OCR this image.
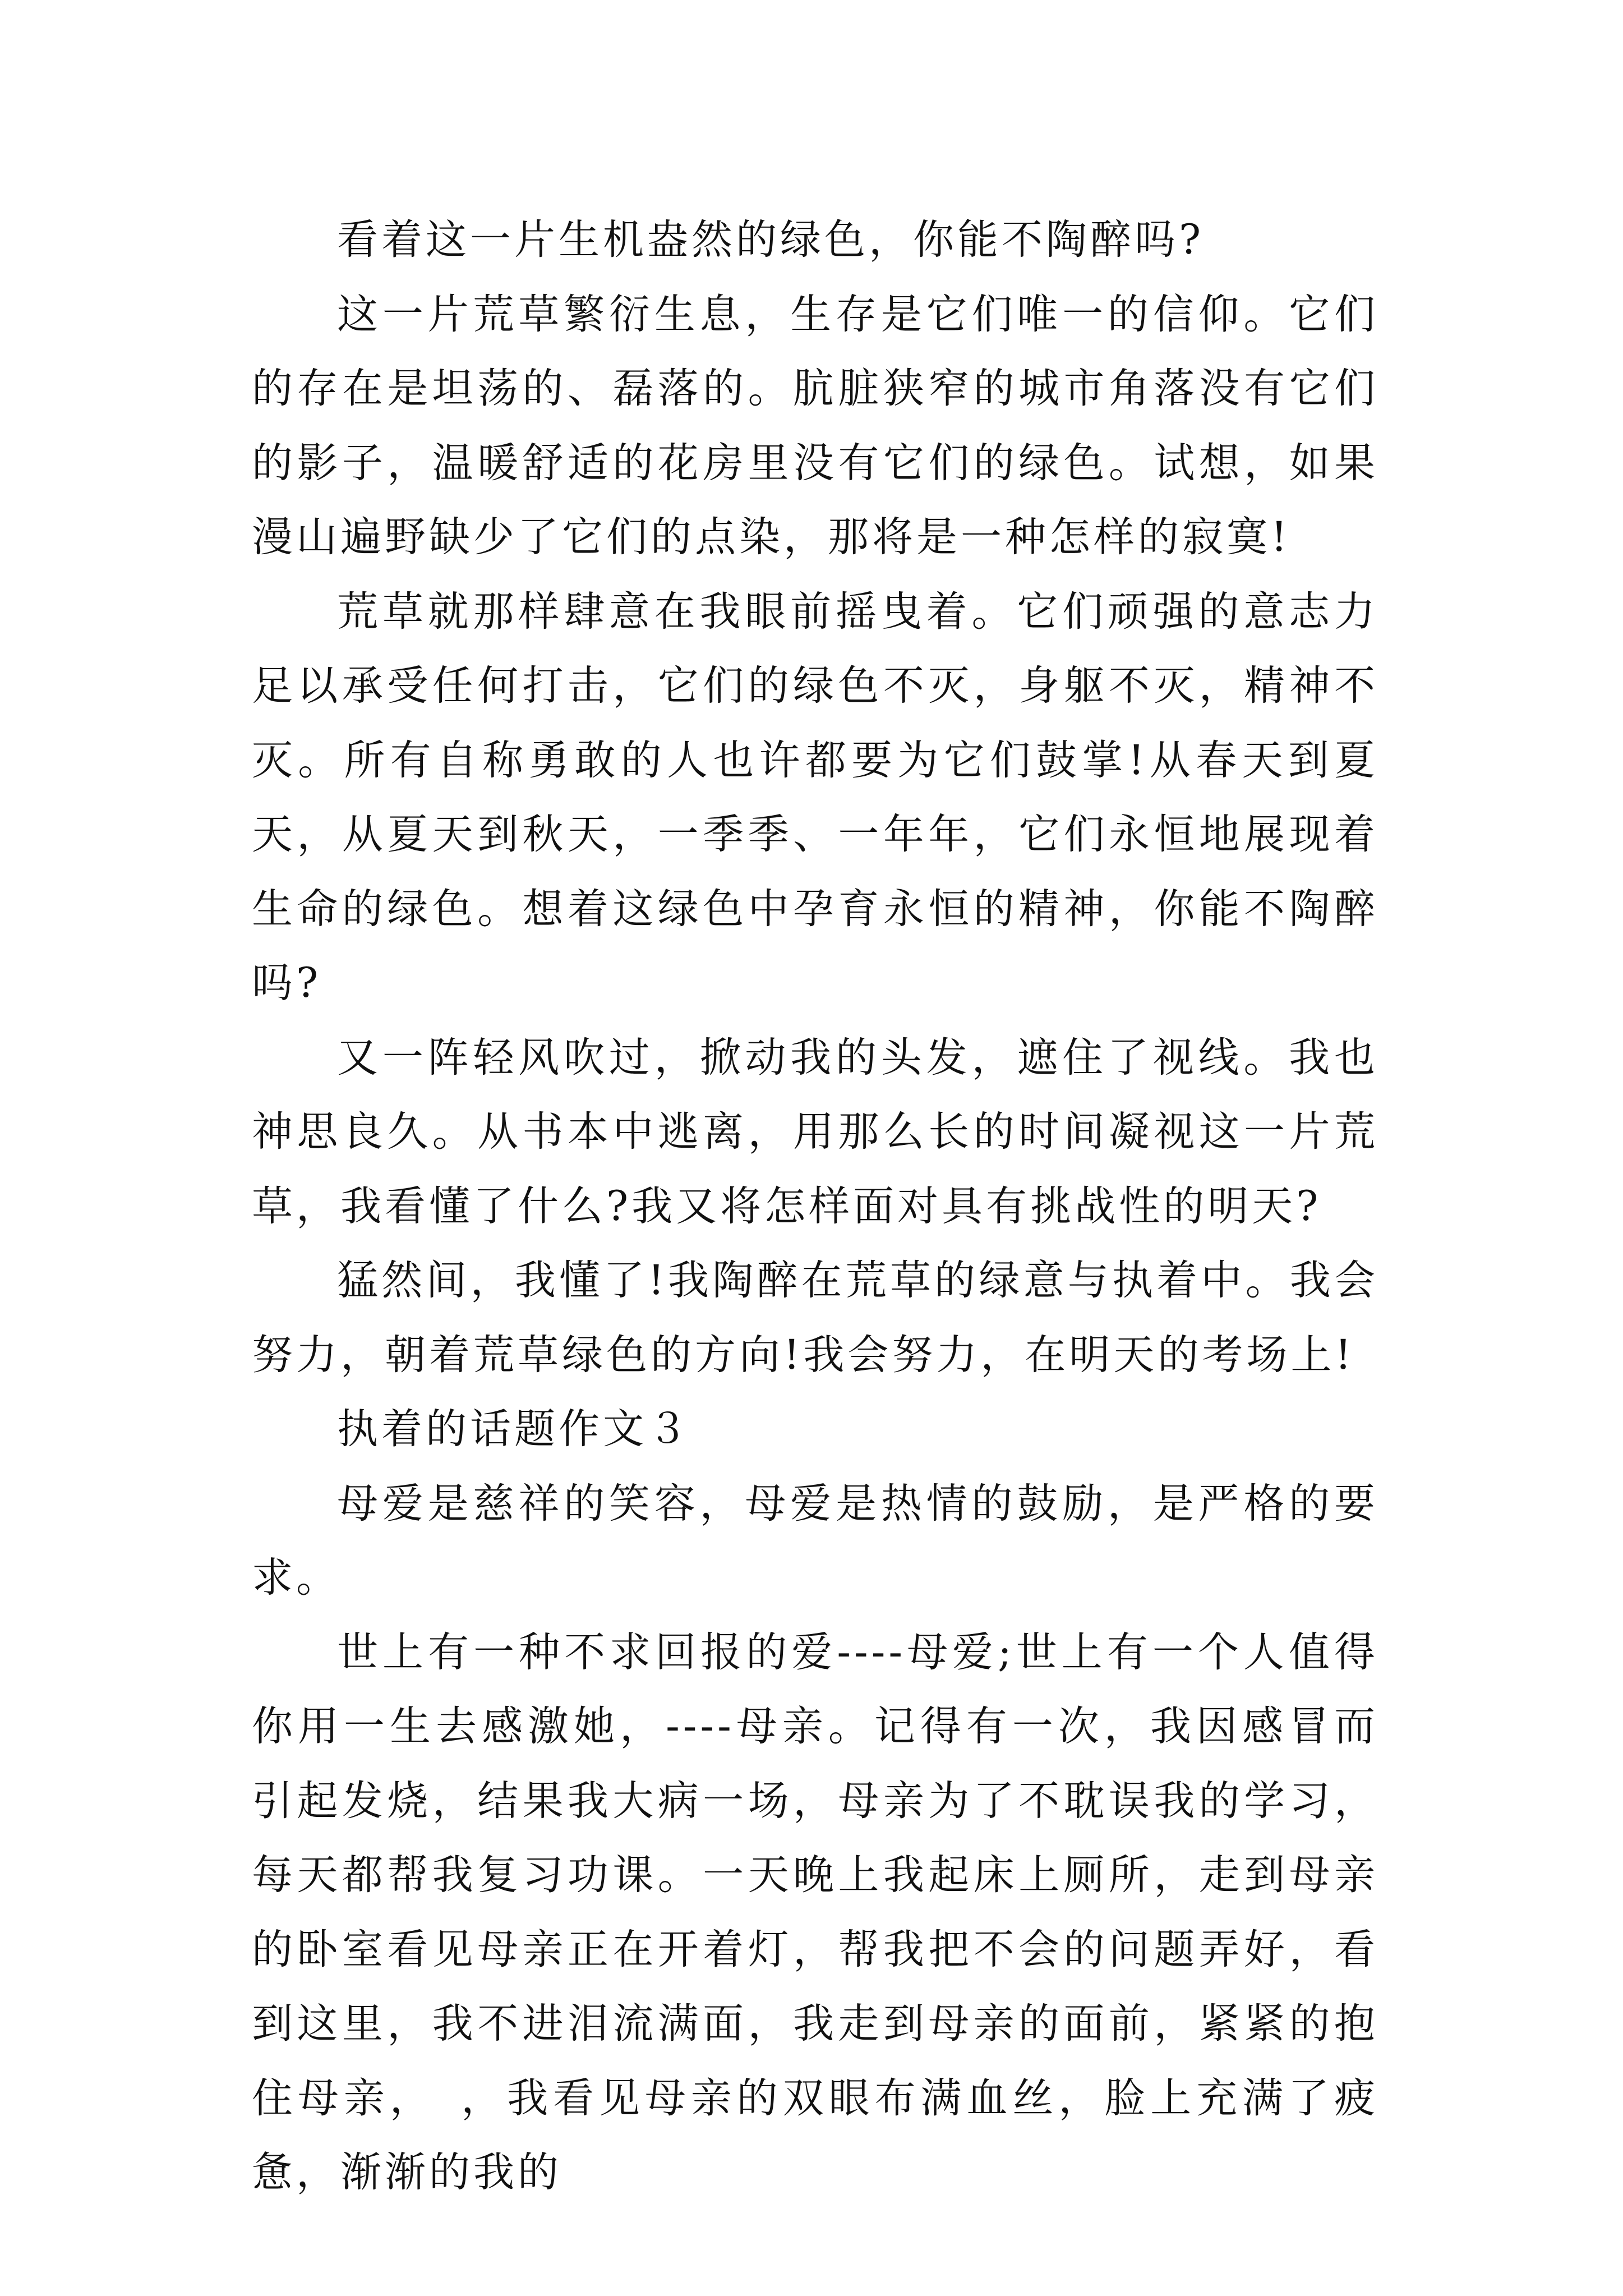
看着这一片生机盎然的绿色，你能不陶醉吗?

这一片荒草繁衍生息，生存是它们唯一的信仰。它们的存在是坦荡的、磊落的。肮脏狭窄的城市角落没有它们的影子，温暖舒适的花房里没有它们的绿色。试想，如果漫山遍野缺少了它们的点染，那将是一种怎样的寂寞!

荒草就那样肆意在我眼前摇曳着。它们顽强的意志力足以承受任何打击，它们的绿色不灭，身躯不灭，精神不灭。所有自称勇敢的人也许都要为它们鼓掌!从春天到夏天，从夏天到秋天，一季季、一年年，它们永恒地展现着生命的绿色。想着这绿色中孕育永恒的精神，你能不陶醉吗?

又一阵轻风吹过，掀动我的头发，遮住了视线。我也神思良久。从书本中逃离，用那么长的时间凝视这一片荒草，我看懂了什么?我又将怎样面对具有挑战性的明天?

猛然间，我懂了!我陶醉在荒草的绿意与执着中。我会努力，朝着荒草绿色的方向!我会努力，在明天的考场上!

执着的话题作文３

母爱是慈祥的笑容，母爱是热情的鼓励，是严格的要求。

世上有一种不求回报的爱----母爱;世上有一个人值得你用一生去感激她，----母亲。记得有一次，我因感冒而引起发烧，结果我大病一场，母亲为了不耽误我的学习，每天都帮我复习功课。一天晚上我起床上厕所，走到母亲的卧室看见母亲正在开着灯，帮我把不会的问题弄好，看到这里，我不进泪流满面，我走到母亲的面前，紧紧的抱住母亲，　，我看见母亲的双眼布满血丝，脸上充满了疲惫，渐渐的我的
